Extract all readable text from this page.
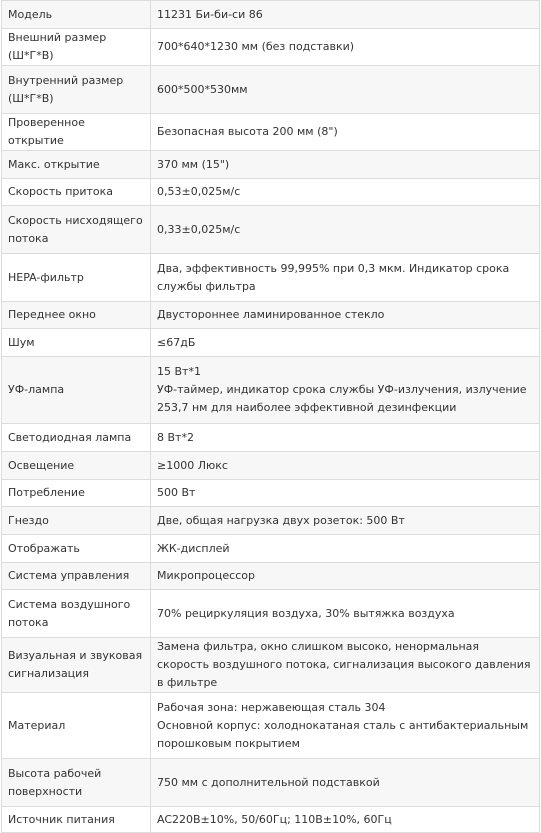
Модель	11231 Би-би-си 86

Внешний размер (Ш*Г*В)	700*640*1230 мм (без подставки)

Внутренний размер (Ш*Г*В)	600*500*530мм

Проверенное открытие	Безопасная высота 200 мм (8")

Макс. открытие	370 мм (15")

Скорость притока	0,53±0,025м/с

Скорость нисходящего потока	0,33±0,025м/с

HEPA-фильтр	Два, эффективность 99,995% при 0,3 мкм. Индикатор срока службы фильтра

Переднее окно	Двустороннее ламинированное стекло

Шум	≤67дБ

УФ-лампа	15 Вт*1
УФ-таймер, индикатор срока службы УФ-излучения, излучение 253,7 нм для наиболее эффективной дезинфекции

Светодиодная лампа	8 Вт*2

Освещение	≥1000 Люкс

Потребление	500 Вт

Гнездо	Две, общая нагрузка двух розеток: 500 Вт

Отображать	ЖК-дисплей

Система управления	Микропроцессор

Система воздушного потока	70% рециркуляция воздуха, 30% вытяжка воздуха

Визуальная и звуковая сигнализация	Замена фильтра, окно слишком высоко, ненормальная скорость воздушного потока, сигнализация высокого давления в фильтре

Материал	Рабочая зона: нержавеющая сталь 304
Основной корпус: холоднокатаная сталь с антибактериальным порошковым покрытием

Высота рабочей поверхности	750 мм с дополнительной подставкой

Источник питания	AC220В±10%, 50/60Гц; 110В±10%, 60Гц
